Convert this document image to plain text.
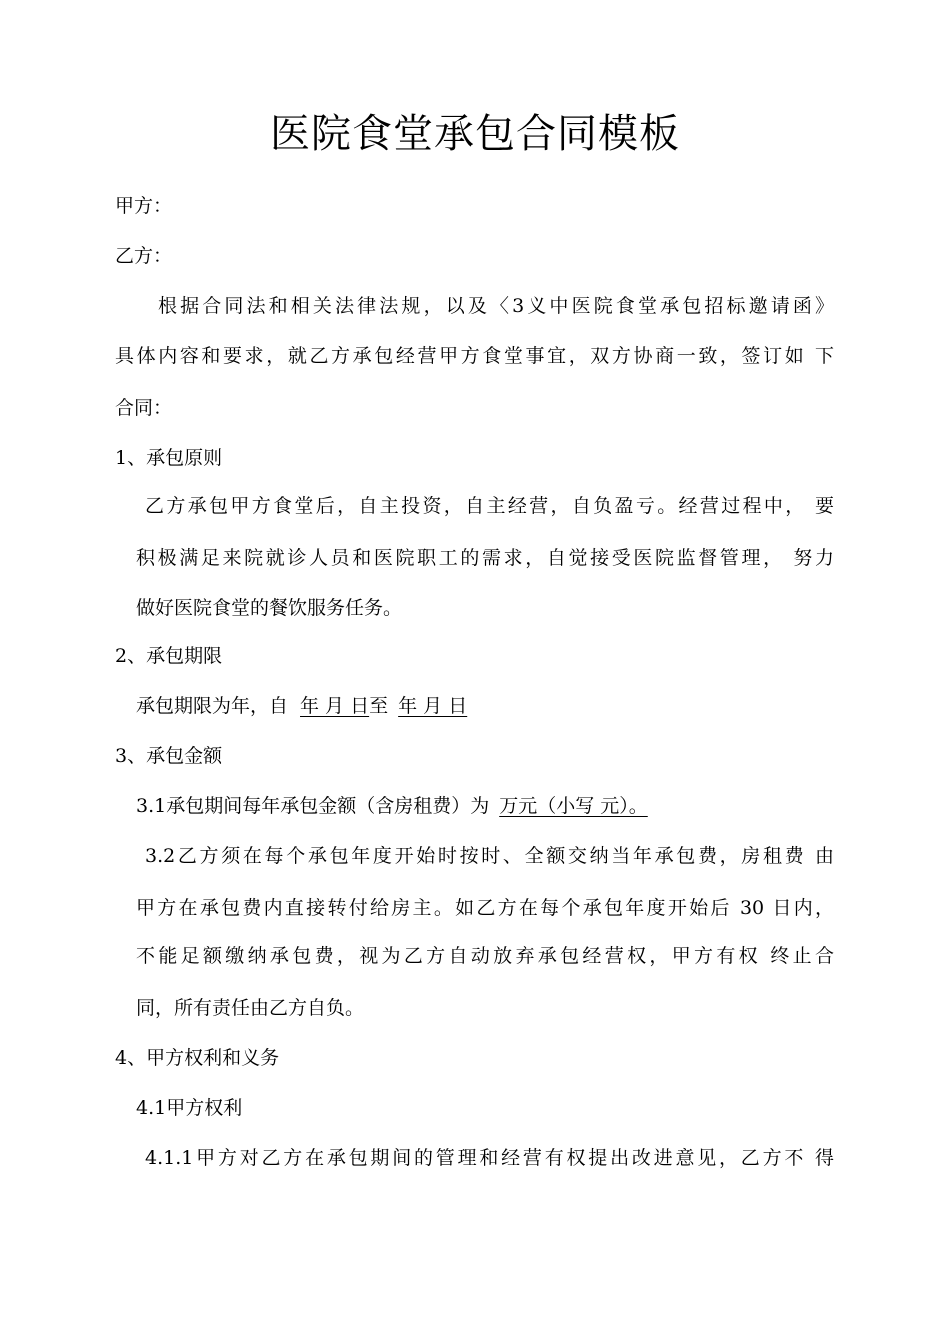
医院食堂承包合同模板
甲方：
乙方：
根据合同法和相关法律法规，以及〈3义中医院食堂承包招标邀请函》
具体内容和要求，就乙方承包经营甲方食堂事宜，双方协商一致，签订如 下
合同：
1、承包原则
乙方承包甲方食堂后，自主投资，自主经营，自负盈亏。经营过程中， 要
积极满足来院就诊人员和医院职工的需求，自觉接受医院监督管理， 努力
做好医院食堂的餐饮服务任务。
2、承包期限
承包期限为年，自 年 月 日至 年 月 日
3、承包金额
3.1承包期间每年承包金额（含房租费）为 万元（小写 元）。
3.2乙方须在每个承包年度开始时按时、全额交纳当年承包费，房租费 由
甲方在承包费内直接转付给房主。如乙方在每个承包年度开始后 30 日内，
不能足额缴纳承包费，视为乙方自动放弃承包经营权，甲方有权 终止合
同，所有责任由乙方自负。
4、甲方权利和义务
4.1甲方权利
4.1.1甲方对乙方在承包期间的管理和经营有权提出改进意见，乙方不 得
